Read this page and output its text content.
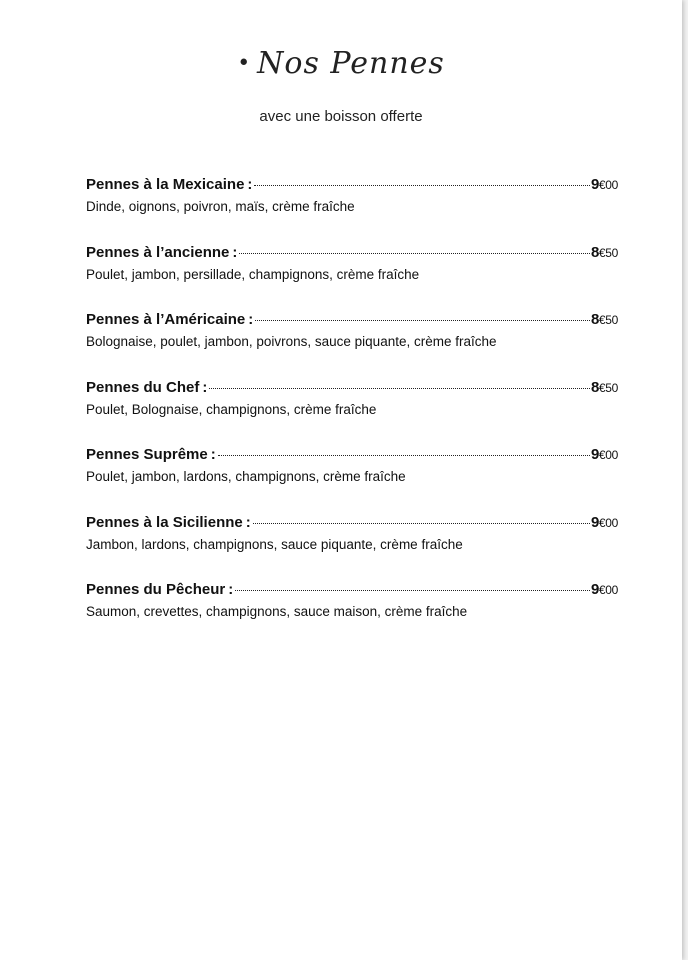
• Nos Pennes
avec une boisson offerte
Pennes à la Mexicaine :	9€00
Dinde, oignons, poivron, maïs, crème fraîche
Pennes à l’ancienne :	8€50
Poulet, jambon, persillade, champignons, crème fraîche
Pennes à l’Américaine :	8€50
Bolognaise, poulet, jambon, poivrons, sauce piquante, crème fraîche
Pennes du Chef :	8€50
Poulet, Bolognaise, champignons, crème fraîche
Pennes Suprême :	9€00
Poulet, jambon, lardons, champignons, crème fraîche
Pennes à la Sicilienne :	9€00
Jambon, lardons, champignons, sauce piquante, crème fraîche
Pennes du Pêcheur :	9€00
Saumon, crevettes, champignons, sauce maison, crème fraîche
